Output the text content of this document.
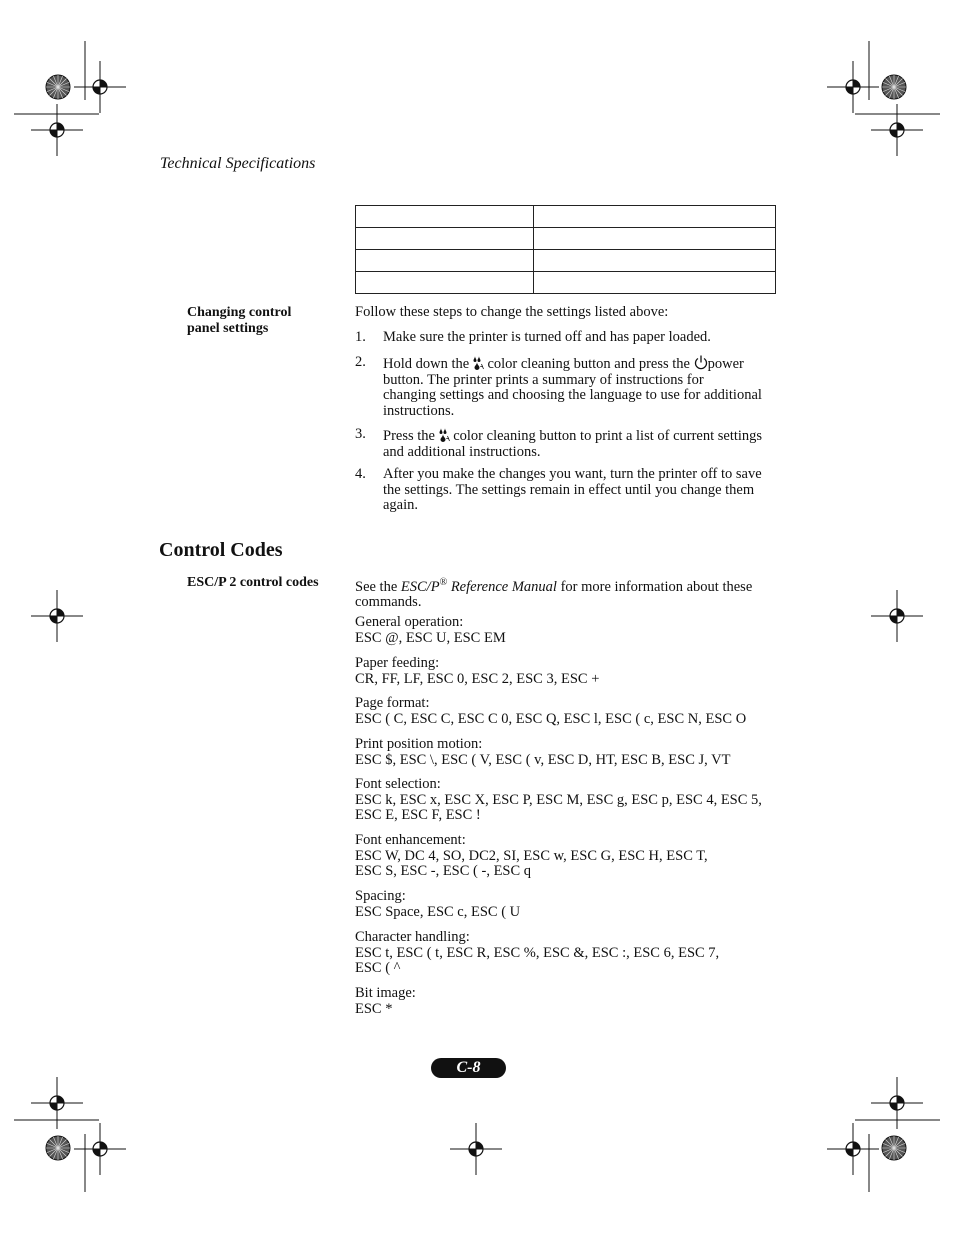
Technical Specifications

Changing control
panel settings
Follow these steps to change the settings listed above:
1. Make sure the printer is turned off and has paper loaded.
2. Hold down the color cleaning button and press the power
button. The printer prints a summary of instructions for
changing settings and choosing the language to use for additional
instructions.
3. Press the color cleaning button to print a list of current settings
and additional instructions.
4. After you make the changes you want, turn the printer off to save
the settings. The settings remain in effect until you change them
again.
Control Codes
ESC/P 2 control codes	See the ESC/P® Reference Manual for more information about these
commands.
General operation:
ESC @, ESC U, ESC EM
Paper feeding:
CR, FF, LF, ESC 0, ESC 2, ESC 3, ESC +
Page format:
ESC ( C, ESC C, ESC C 0, ESC Q, ESC l, ESC ( c, ESC N, ESC O
Print position motion:
ESC $, ESC \, ESC ( V, ESC ( v, ESC D, HT, ESC B, ESC J, VT
Font selection:
ESC k, ESC x, ESC X, ESC P, ESC M, ESC g, ESC p, ESC 4, ESC 5,
ESC E, ESC F, ESC !
Font enhancement:
ESC W, DC 4, SO, DC2, SI, ESC w, ESC G, ESC H, ESC T,
ESC S, ESC -, ESC ( -, ESC q
Spacing:
ESC Space, ESC c, ESC ( U
Character handling:
ESC t, ESC ( t, ESC R, ESC %, ESC &, ESC :, ESC 6, ESC 7,
ESC ( ^
Bit image:
ESC *
C-8
